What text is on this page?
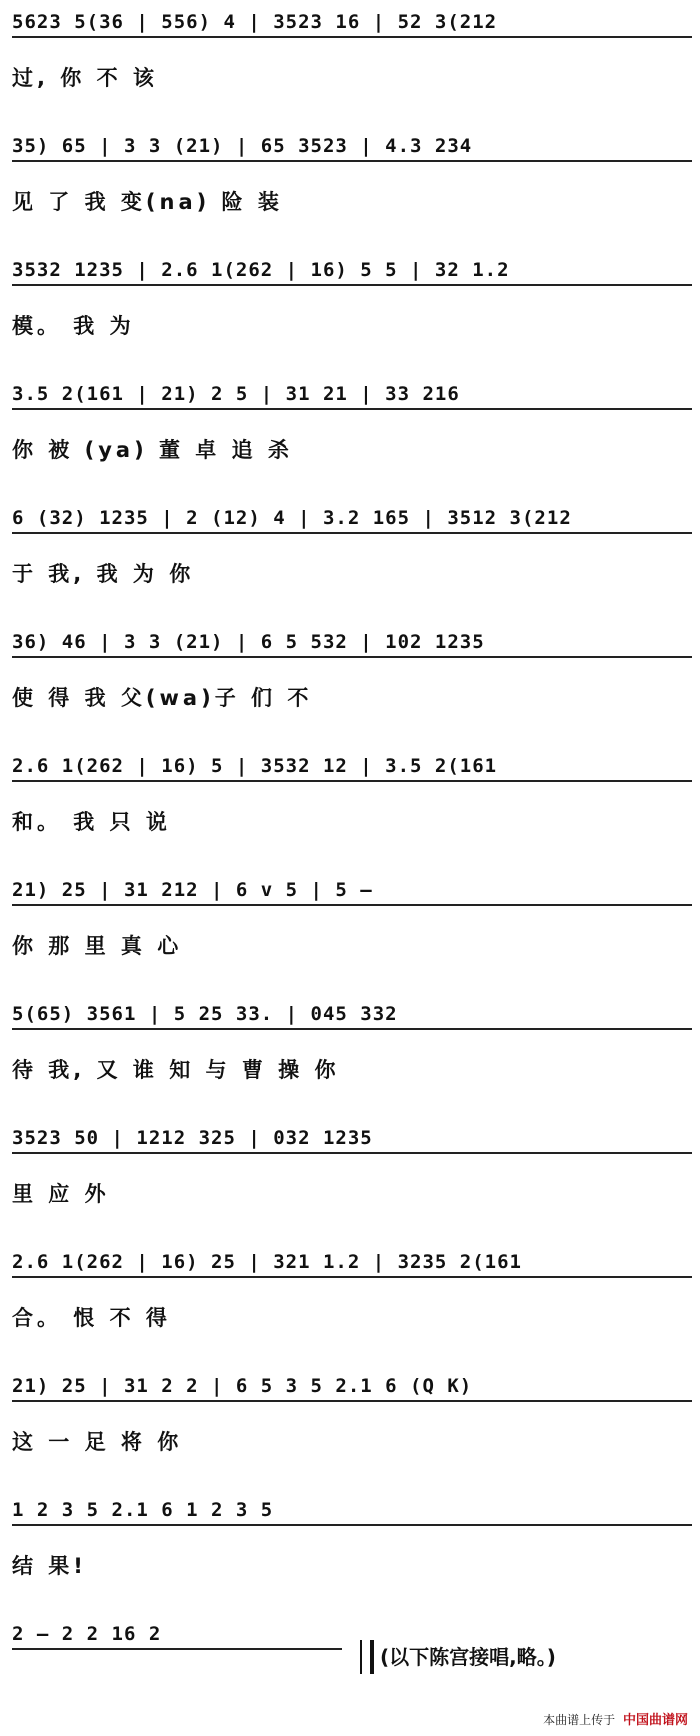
5623 5(36 | 556) 4 | 3523 16 | 52 3(212
过, 你 不 该
35) 65 | 3 3 (21) | 65 3523 | 4.3 234
见 了 我 变(na) 险 装
3532 1235 | 2.6 1(262 | 16) 5 5 | 32 1.2
模。 我 为
3.5 2(161 | 21) 2 5 | 31 21 | 33 216
你 被 (ya) 董 卓 追 杀
6 (32) 1235 | 2 (12) 4 | 3.2 165 | 3512 3(212
于 我, 我 为 你
36) 46 | 3 3 (21) | 6 5 532 | 102 1235
使 得 我 父(wa)子 们 不
2.6 1(262 | 16) 5 | 3532 12 | 3.5 2(161
和。 我 只 说
21) 25 | 31 212 | 6 v 5 | 5 —
你 那 里 真 心
5(65) 3561 | 5 25 33. | 045 332
待 我, 又 谁 知 与 曹 操 你
3523 50 | 1212 325 | 032 1235
里 应 外
2.6 1(262 | 16) 25 | 321 1.2 | 3235 2(161
合。 恨 不 得
21) 25 | 31 2 2 | 6 5 3 5 2.1 6 (Q K)
这 一 足 将 你
1 2 3 5 2.1 6 1 2 3 5
结 果!
2 — 2 2 16 2
(以下陈宫接唱,略。)
本曲谱上传于 中国曲谱网
